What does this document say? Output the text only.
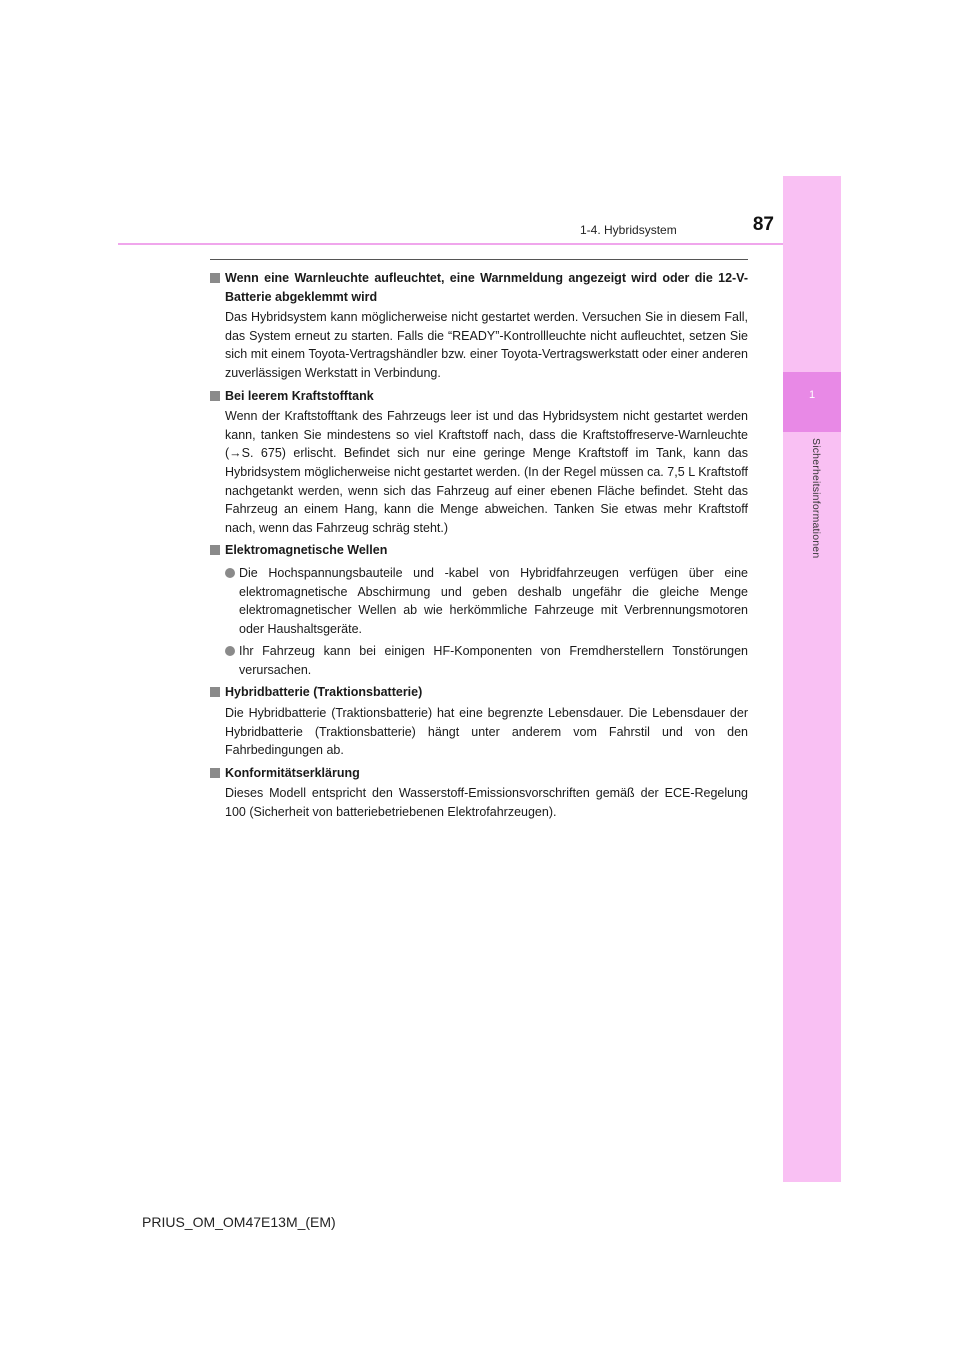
1
Sicherheitsinformationen
1-4. Hybridsystem	87
Wenn eine Warnleuchte aufleuchtet, eine Warnmeldung angezeigt wird oder die 12-V-Batterie abgeklemmt wird
Das Hybridsystem kann möglicherweise nicht gestartet werden. Versuchen Sie in diesem Fall, das System erneut zu starten. Falls die “READY”-Kontrollleuchte nicht aufleuchtet, setzen Sie sich mit einem Toyota-Vertragshändler bzw. einer Toyota-Vertragswerkstatt oder einer anderen zuverlässigen Werkstatt in Verbindung.
Bei leerem Kraftstofftank
Wenn der Kraftstofftank des Fahrzeugs leer ist und das Hybridsystem nicht gestartet werden kann, tanken Sie mindestens so viel Kraftstoff nach, dass die Kraftstoffreserve-Warnleuchte (→S. 675) erlischt. Befindet sich nur eine geringe Menge Kraftstoff im Tank, kann das Hybridsystem möglicherweise nicht gestartet werden. (In der Regel müssen ca. 7,5 L Kraftstoff nachgetankt werden, wenn sich das Fahrzeug auf einer ebenen Fläche befindet. Steht das Fahrzeug an einem Hang, kann die Menge abweichen. Tanken Sie etwas mehr Kraftstoff nach, wenn das Fahrzeug schräg steht.)
Elektromagnetische Wellen
Die Hochspannungsbauteile und -kabel von Hybridfahrzeugen verfügen über eine elektromagnetische Abschirmung und geben deshalb ungefähr die gleiche Menge elektromagnetischer Wellen ab wie herkömmliche Fahrzeuge mit Verbrennungsmotoren oder Haushaltsgeräte.
Ihr Fahrzeug kann bei einigen HF-Komponenten von Fremdherstellern Tonstörungen verursachen.
Hybridbatterie (Traktionsbatterie)
Die Hybridbatterie (Traktionsbatterie) hat eine begrenzte Lebensdauer. Die Lebensdauer der Hybridbatterie (Traktionsbatterie) hängt unter anderem vom Fahrstil und von den Fahrbedingungen ab.
Konformitätserklärung
Dieses Modell entspricht den Wasserstoff-Emissionsvorschriften gemäß der ECE-Regelung 100 (Sicherheit von batteriebetriebenen Elektrofahrzeugen).
PRIUS_OM_OM47E13M_(EM)
